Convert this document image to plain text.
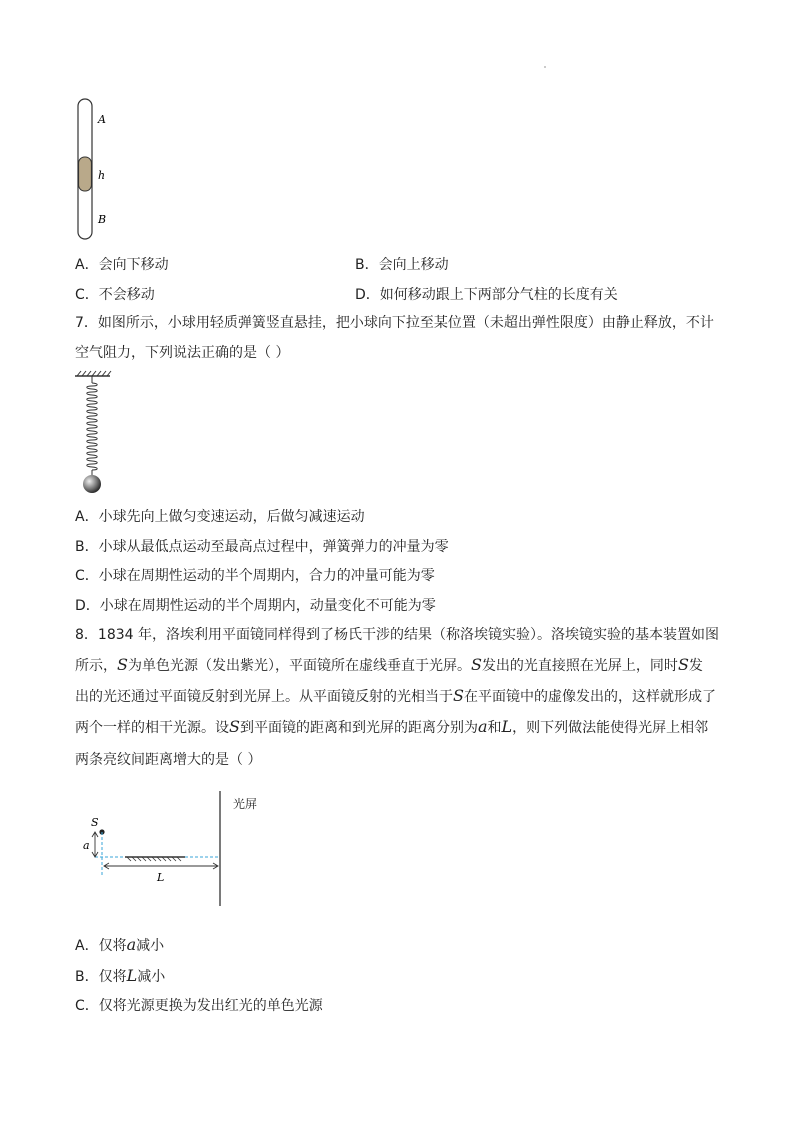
A
h
B
A．会向下移动	B．会向上移动
C．不会移动	D．如何移动跟上下两部分气柱的长度有关
7．如图所示，小球用轻质弹簧竖直悬挂，把小球向下拉至某位置（未超出弹性限度）由静止释放，不计
空气阻力，下列说法正确的是（ ）
A．小球先向上做匀变速运动，后做匀减速运动
B．小球从最低点运动至最高点过程中，弹簧弹力的冲量为零
C．小球在周期性运动的半个周期内，合力的冲量可能为零
D．小球在周期性运动的半个周期内，动量变化不可能为零
8．1834 年，洛埃利用平面镜同样得到了杨氏干涉的结果（称洛埃镜实验）。洛埃镜实验的基本装置如图
所示，S为单色光源（发出紫光），平面镜所在虚线垂直于光屏。S发出的光直接照在光屏上，同时S发
出的光还通过平面镜反射到光屏上。从平面镜反射的光相当于S在平面镜中的虚像发出的，这样就形成了
两个一样的相干光源。设S到平面镜的距离和到光屏的距离分别为a和L，则下列做法能使得光屏上相邻
两条亮纹间距离增大的是（ ）
光屏
S
a
L
A．仅将a减小
B．仅将L减小
C．仅将光源更换为发出红光的单色光源
